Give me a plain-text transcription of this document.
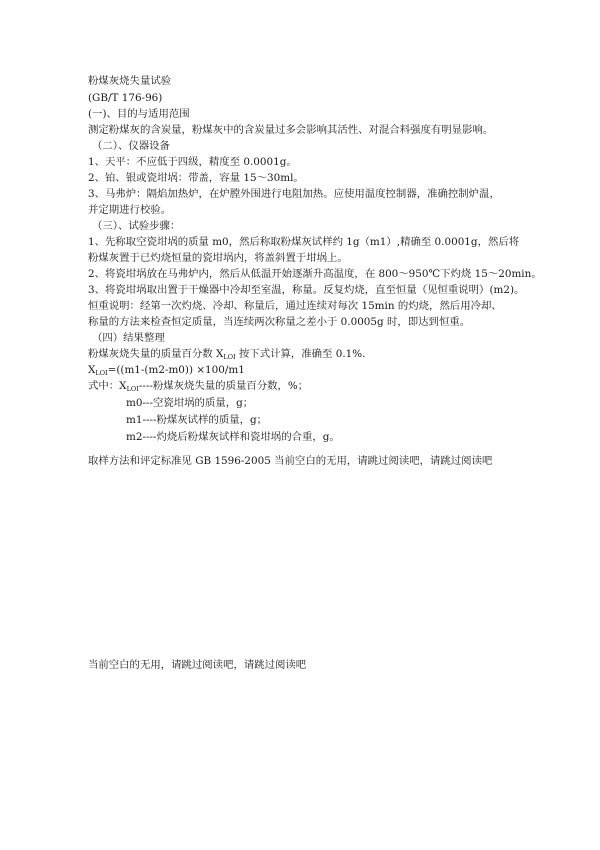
粉煤灰烧失量试验
(GB/T 176-96)
(一)、目的与适用范围
测定粉煤灰的含炭量，粉煤灰中的含炭量过多会影响其活性、对混合料强度有明显影响。
（二）、仪器设备
1、天平：不应低于四级，精度至 0.0001g。
2、铂、银或瓷坩埚：带盖，容量 15～30ml。
3、马弗炉：隔焰加热炉，在炉膛外围进行电阻加热。应使用温度控制器，准确控制炉温，
并定期进行校验。
（三）、试验步骤：
1、先称取空瓷坩埚的质量 m0，然后称取粉煤灰试样约 1g（m1）,精确至 0.0001g，然后将
粉煤灰置于已灼烧恒量的瓷坩埚内，将盖斜置于坩埚上。
2、将瓷坩埚放在马弗炉内，然后从低温开始逐渐升高温度，在 800～950℃下灼烧 15～20min。
3、将瓷坩埚取出置于干燥器中冷却至室温，称量。反复灼烧，直至恒量（见恒重说明）(m2)。
恒重说明：经第一次灼烧、冷却、称量后，通过连续对每次 15min 的灼烧，然后用冷却、
称量的方法来检查恒定质量，当连续两次称量之差小于 0.0005g 时，即达到恒重。
（四）结果整理
粉煤灰烧失量的质量百分数 $X_{LOI}$ 按下式计算，准确至 0.1%.
$X_{LOI}=((m1-(m2-m0)) \times 100/m1$
式中：$X_{LOI}----$粉煤灰烧失量的质量百分数，%；
m0---空瓷坩埚的质量，g；
m1----粉煤灰试样的质量，g；
m2----灼烧后粉煤灰试样和瓷坩埚的合重，g。
取样方法和评定标准见 GB 1596-2005 当前空白的无用，请跳过阅读吧，请跳过阅读吧
当前空白的无用，请跳过阅读吧，请跳过阅读吧
